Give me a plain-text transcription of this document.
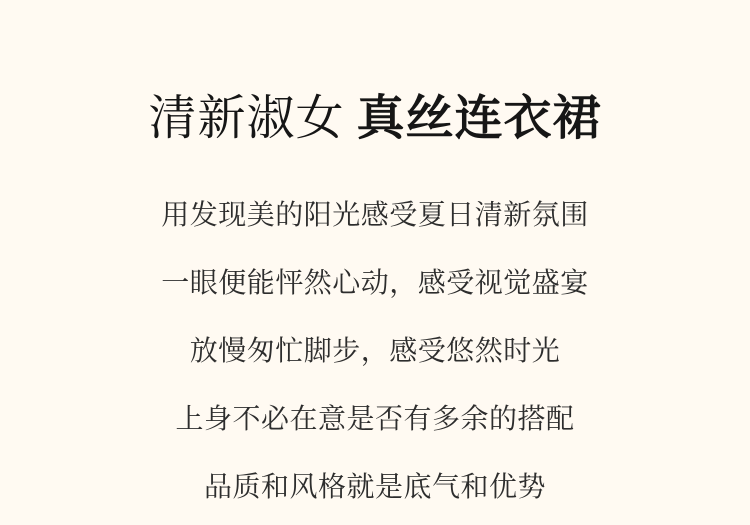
清新淑女 真丝连衣裙

用发现美的阳光感受夏日清新氛围

一眼便能怦然心动，感受视觉盛宴

放慢匆忙脚步，感受悠然时光

上身不必在意是否有多余的搭配

品质和风格就是底气和优势
